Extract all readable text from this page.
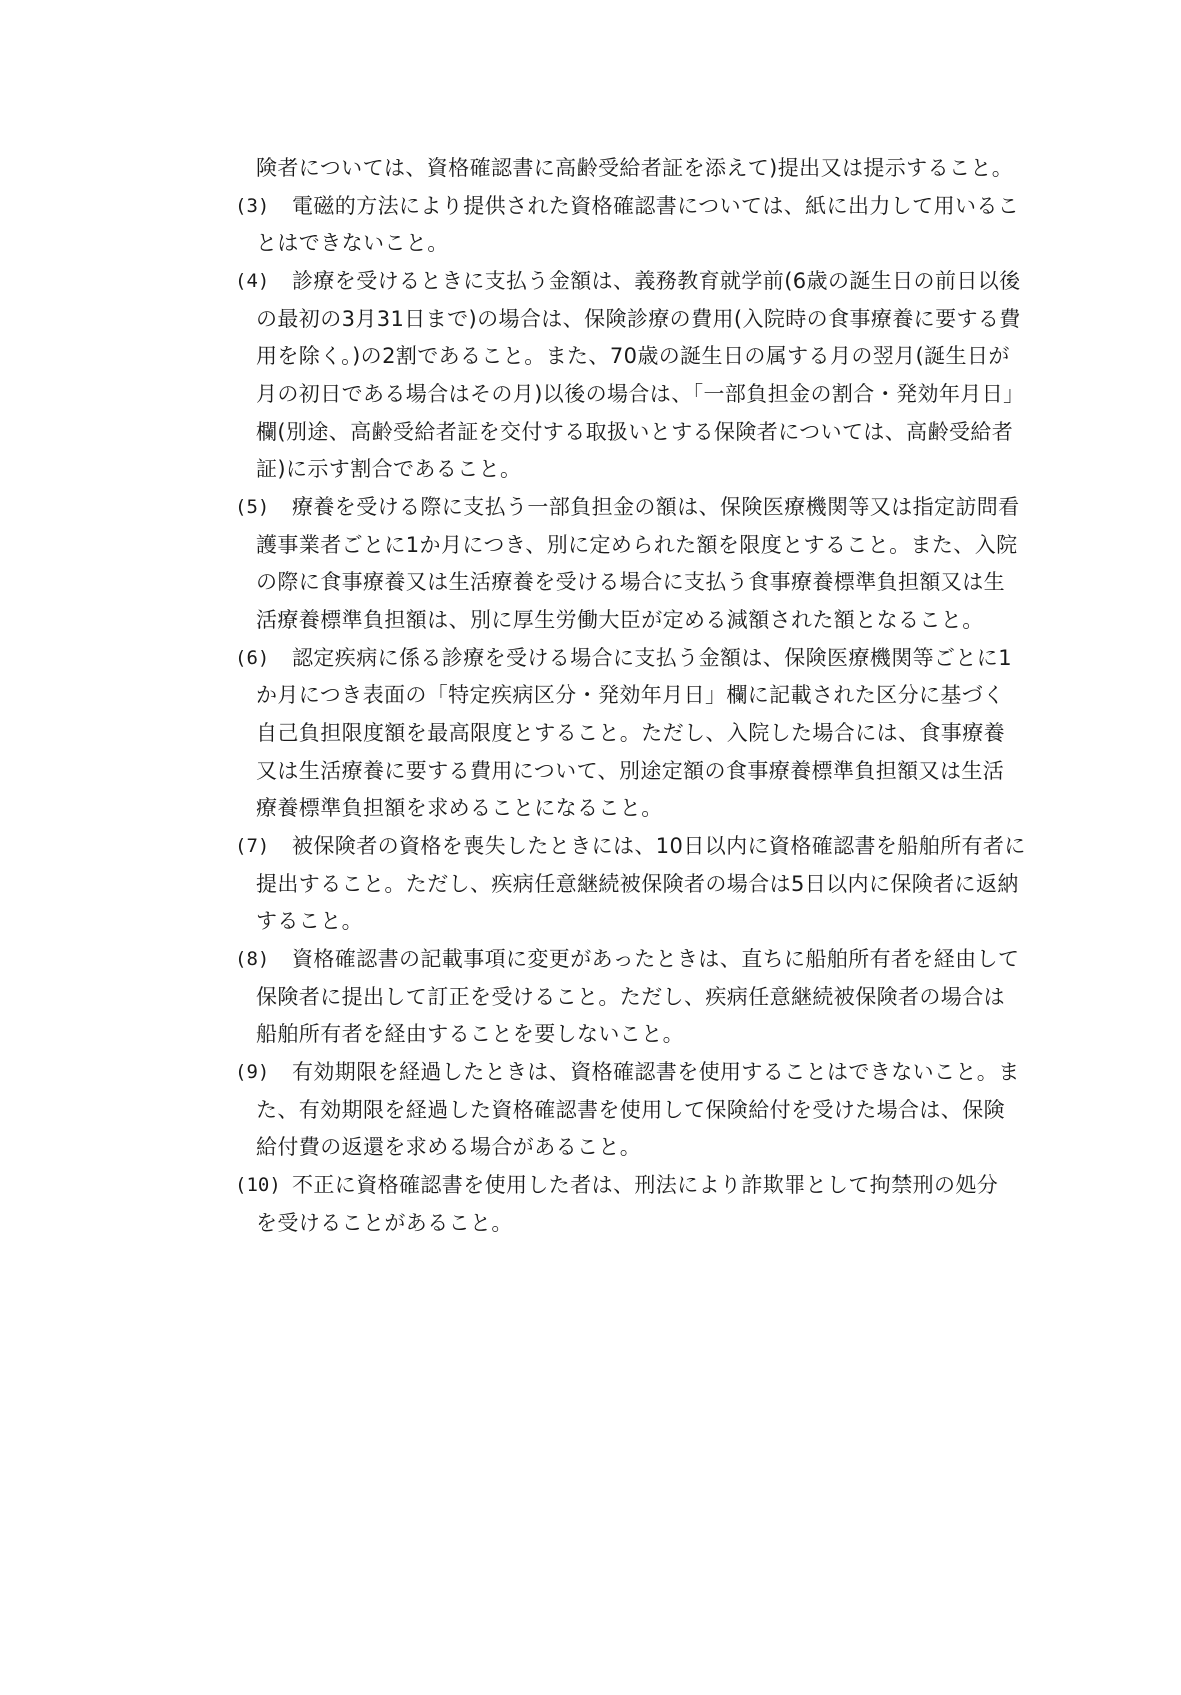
険者については、資格確認書に高齢受給者証を添えて)提出又は提示すること。
(3) 電磁的方法により提供された資格確認書については、紙に出力して用いるこ
とはできないこと。
(4) 診療を受けるときに支払う金額は、義務教育就学前(6歳の誕生日の前日以後
の最初の3月31日まで)の場合は、保険診療の費用(入院時の食事療養に要する費
用を除く。)の2割であること。また、70歳の誕生日の属する月の翌月(誕生日が
月の初日である場合はその月)以後の場合は、「一部負担金の割合・発効年月日」
欄(別途、高齢受給者証を交付する取扱いとする保険者については、高齢受給者
証)に示す割合であること。
(5) 療養を受ける際に支払う一部負担金の額は、保険医療機関等又は指定訪問看
護事業者ごとに1か月につき、別に定められた額を限度とすること。また、入院
の際に食事療養又は生活療養を受ける場合に支払う食事療養標準負担額又は生
活療養標準負担額は、別に厚生労働大臣が定める減額された額となること。
(6) 認定疾病に係る診療を受ける場合に支払う金額は、保険医療機関等ごとに1
か月につき表面の「特定疾病区分・発効年月日」欄に記載された区分に基づく
自己負担限度額を最高限度とすること。ただし、入院した場合には、食事療養
又は生活療養に要する費用について、別途定額の食事療養標準負担額又は生活
療養標準負担額を求めることになること。
(7) 被保険者の資格を喪失したときには、10日以内に資格確認書を船舶所有者に
提出すること。ただし、疾病任意継続被保険者の場合は5日以内に保険者に返納
すること。
(8) 資格確認書の記載事項に変更があったときは、直ちに船舶所有者を経由して
保険者に提出して訂正を受けること。ただし、疾病任意継続被保険者の場合は
船舶所有者を経由することを要しないこと。
(9) 有効期限を経過したときは、資格確認書を使用することはできないこと。ま
た、有効期限を経過した資格確認書を使用して保険給付を受けた場合は、保険
給付費の返還を求める場合があること。
(10) 不正に資格確認書を使用した者は、刑法により詐欺罪として拘禁刑の処分
を受けることがあること。
